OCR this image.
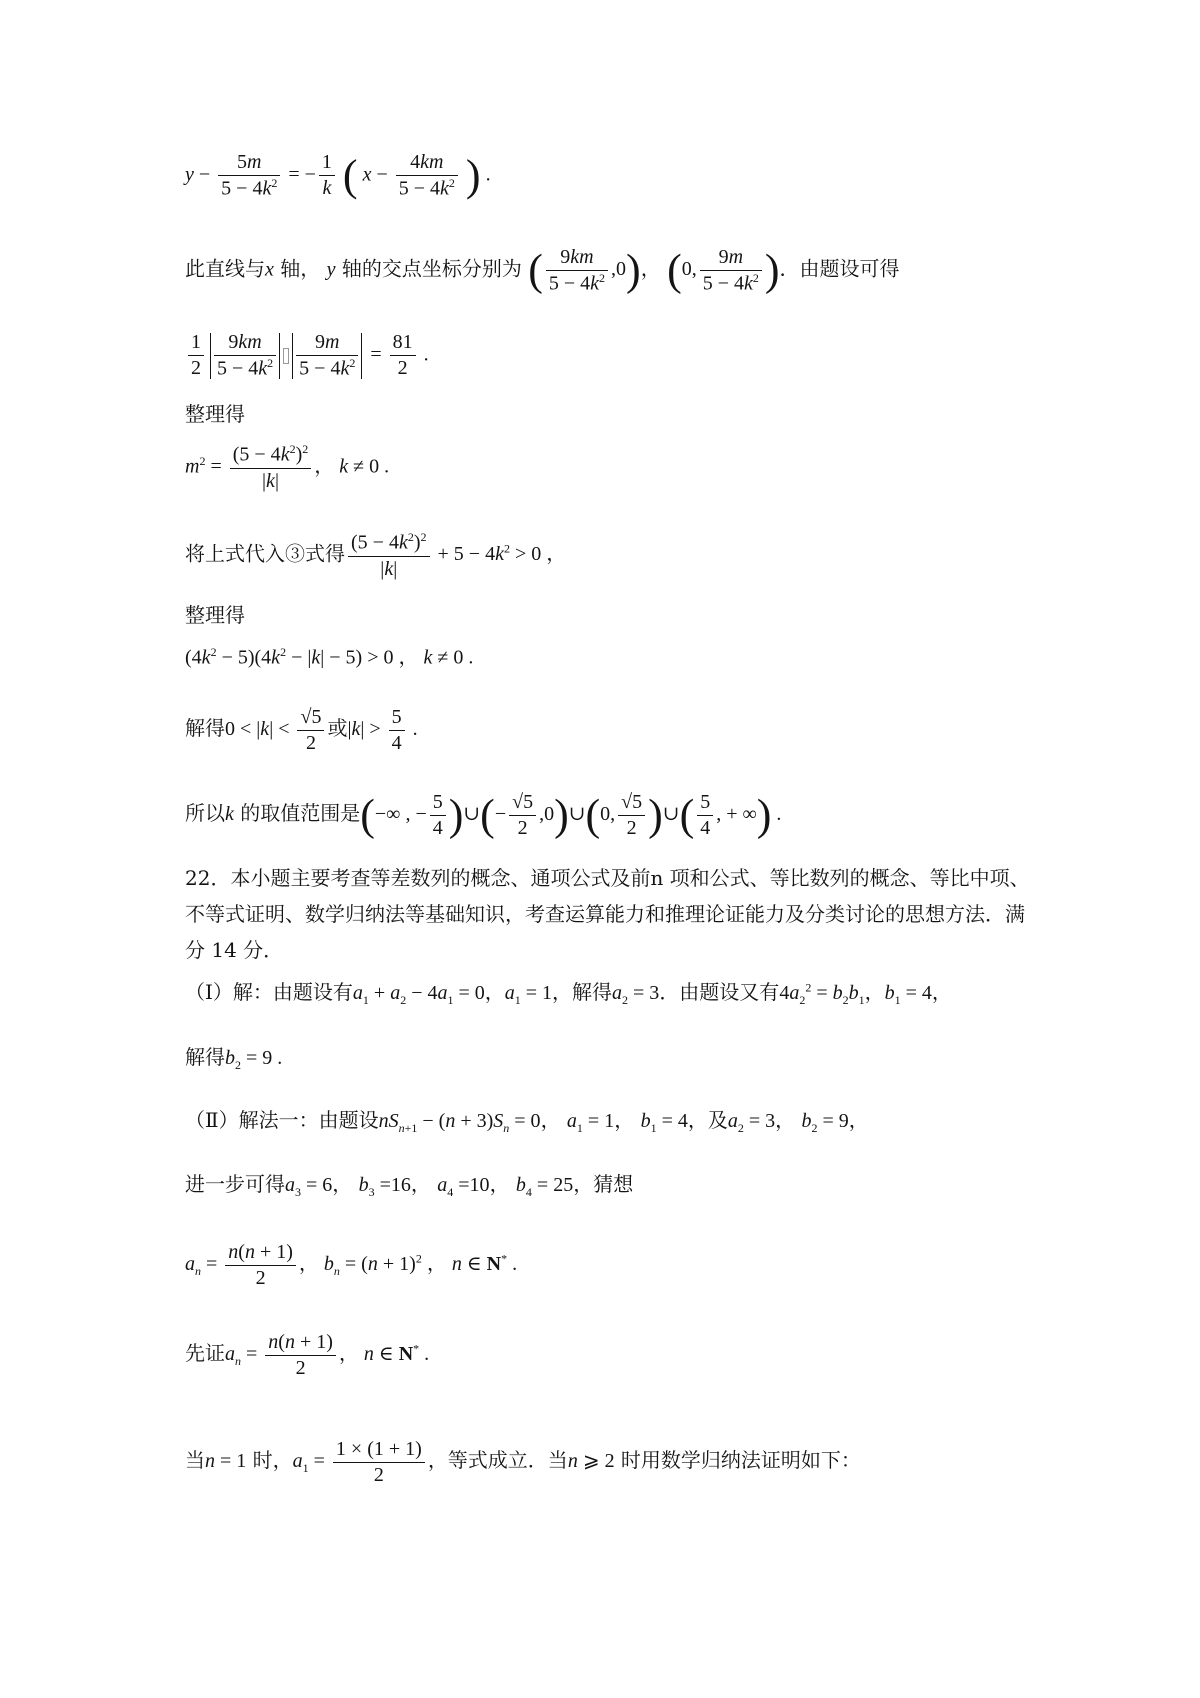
$y - \frac{5m}{5 - 4k^2}$ = − $\frac{1}{k}$ ( $x - \frac{4km}{5 - 4k^2}$ ) .
此直线与x 轴， y 轴的交点坐标分别为 ( $\frac{9km}{5 - 4k^2} ,0$)， (0, $\frac{9m}{5 - 4k^2}$ )．由题设可得
$\frac{1}{2} \frac{9km}{5 - 4k^2} \frac{9m}{5 - 4k^2} = \frac{81}{2}$ .
整理得
$m^2 = \frac{(5 - 4k^2)^2}{|k|}$ ， k ≠ 0 .
将上式代入③式得 $\frac{(5 - 4k^2)^2}{|k|} + 5 - 4k^2 > 0$ ，
整理得
$(4k^2 - 5)(4k^2 - |k| - 5) > 0$ ， k ≠ 0 .
解得$0 < |k| < \frac{√5}{2}$ 或$|k| > \frac{5}{4}$ .
所以k 的取值范围是(−∞ , − $\frac{5}{4}$ )∪(− $\frac{√5}{2}$ ,0)∪(0, $\frac{√5}{2}$ )∪( $\frac{5}{4}$ , + ∞) .
22．本小题主要考查等差数列的概念、通项公式及前n 项和公式、等比数列的概念、等比中项、不等式证明、数学归纳法等基础知识，考查运算能力和推理论证能力及分类讨论的思想方法．满分 14 分．
（Ⅰ）解：由题设有$a_1 + a_2 - 4a_1 = 0$，$a_1 = 1$，解得$a_2 = 3$．由题设又有$4a_2^2 = b_2b_1$，$b_1 = 4$，
解得$b_2 = 9$ .
（Ⅱ）解法一：由题设$nS_{n+1} - (n + 3)S_n = 0$， $a_1 = 1$， $b_1 = 4$，及$a_2 = 3$， $b_2 = 9$，
进一步可得$a_3 = 6$， $b_3 =16$， $a_4 =10$， $b_4 = 25$，猜想
$a_n = \frac{n(n + 1)}{2}$ ， $b_n = (n + 1)^2$ ， n ∈ N* .
先证$a_n = \frac{n(n + 1)}{2}$ ， n ∈ N* .
当n = 1 时，$a_1 = \frac{1 \times (1 + 1)}{2}$ ，等式成立．当n ⩾ 2 时用数学归纳法证明如下：
